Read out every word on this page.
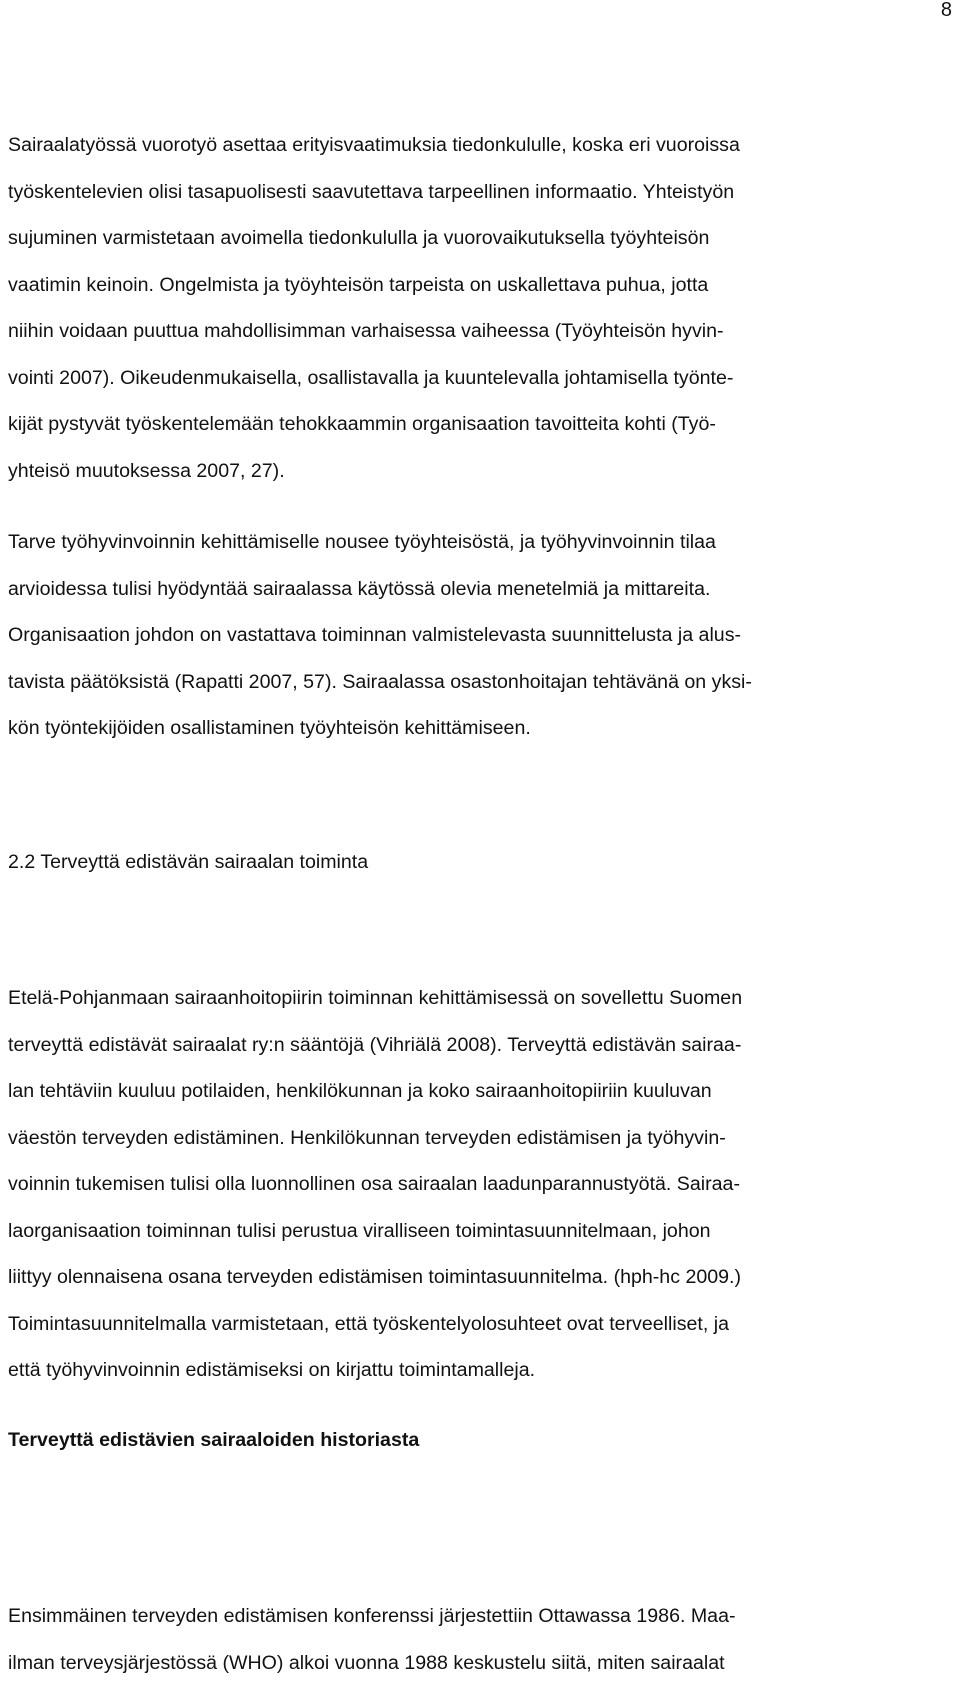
8
Sairaalatyössä vuorotyö asettaa erityisvaatimuksia tiedonkululle, koska eri vuoroissa
työskentelevien olisi tasapuolisesti saavutettava tarpeellinen informaatio. Yhteistyön
sujuminen varmistetaan avoimella tiedonkululla ja vuorovaikutuksella työyhteisön
vaatimin keinoin. Ongelmista ja työyhteisön tarpeista on uskallettava puhua, jotta
niihin voidaan puuttua mahdollisimman varhaisessa vaiheessa (Työyhteisön hyvin-
vointi 2007). Oikeudenmukaisella, osallistavalla ja kuuntelevalla johtamisella työnte-
kijät pystyvät työskentelemään tehokkaammin organisaation tavoitteita kohti (Työ-
yhteisö muutoksessa 2007, 27).
Tarve työhyvinvoinnin kehittämiselle nousee työyhteisöstä, ja työhyvinvoinnin tilaa
arvioidessa tulisi hyödyntää sairaalassa käytössä olevia menetelmiä ja mittareita.
Organisaation johdon on vastattava toiminnan valmistelevasta suunnittelusta ja alus-
tavista päätöksistä (Rapatti 2007, 57). Sairaalassa osastonhoitajan tehtävänä on yksi-
kön työntekijöiden osallistaminen työyhteisön kehittämiseen.
2.2 Terveyttä edistävän sairaalan toiminta
Etelä-Pohjanmaan sairaanhoitopiirin toiminnan kehittämisessä on sovellettu Suomen
terveyttä edistävät sairaalat ry:n sääntöjä (Vihriälä 2008). Terveyttä edistävän sairaa-
lan tehtäviin kuuluu potilaiden, henkilökunnan ja koko sairaanhoitopiiriin kuuluvan
väestön terveyden edistäminen. Henkilökunnan terveyden edistämisen ja työhyvin-
voinnin tukemisen tulisi olla luonnollinen osa sairaalan laadunparannustyötä. Sairaa-
laorganisaation toiminnan tulisi perustua viralliseen toimintasuunnitelmaan, johon
liittyy olennaisena osana terveyden edistämisen toimintasuunnitelma. (hph-hc 2009.)
Toimintasuunnitelmalla varmistetaan, että työskentelyolosuhteet ovat terveelliset, ja
että työhyvinvoinnin edistämiseksi on kirjattu toimintamalleja.
Terveyttä edistävien sairaaloiden historiasta
Ensimmäinen terveyden edistämisen konferenssi järjestettiin Ottawassa 1986. Maa-
ilman terveysjärjestössä (WHO) alkoi vuonna 1988 keskustelu siitä, miten sairaalat
